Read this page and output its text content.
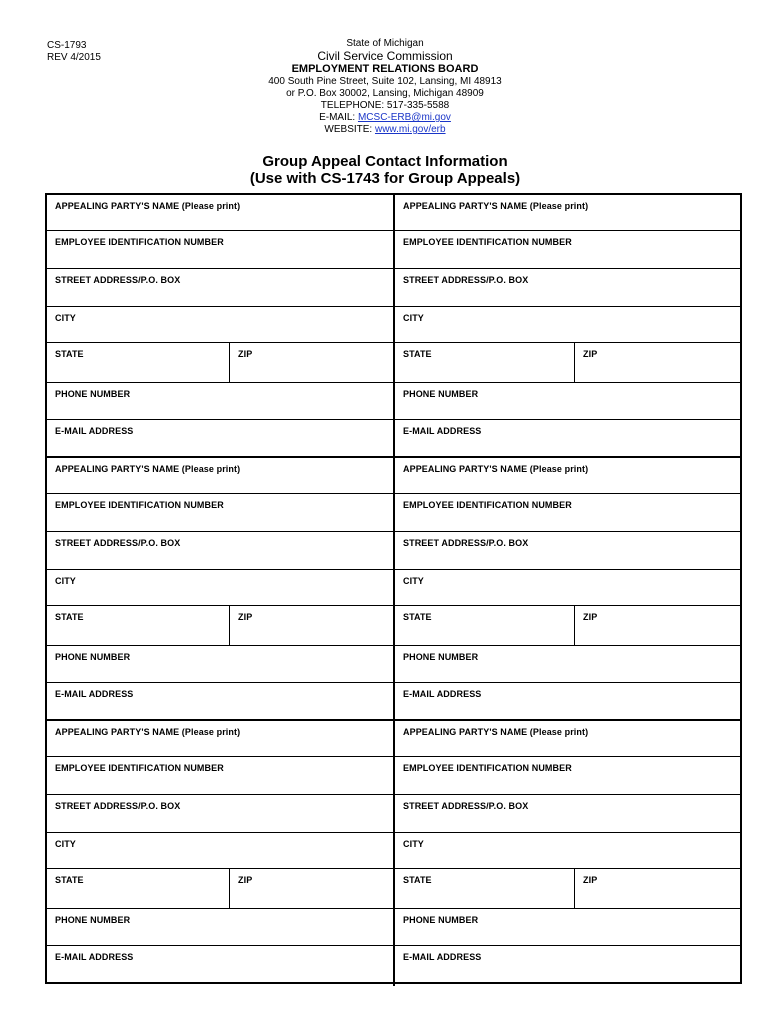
CS-1793
REV 4/2015
State of Michigan
Civil Service Commission
EMPLOYMENT RELATIONS BOARD
400 South Pine Street, Suite 102, Lansing, MI 48913
or P.O. Box 30002, Lansing, Michigan 48909
TELEPHONE: 517-335-5588
E-MAIL: MCSC-ERB@mi.gov
WEBSITE: www.mi.gov/erb
Group Appeal Contact Information
(Use with CS-1743 for Group Appeals)
APPEALING PARTY'S NAME (Please print)	APPEALING PARTY'S NAME (Please print)
EMPLOYEE IDENTIFICATION NUMBER	EMPLOYEE IDENTIFICATION NUMBER
STREET ADDRESS/P.O. BOX	STREET ADDRESS/P.O. BOX
CITY	CITY
STATE	ZIP	STATE	ZIP
PHONE NUMBER	PHONE NUMBER
E-MAIL ADDRESS	E-MAIL ADDRESS
APPEALING PARTY'S NAME (Please print)	APPEALING PARTY'S NAME (Please print)
EMPLOYEE IDENTIFICATION NUMBER	EMPLOYEE IDENTIFICATION NUMBER
STREET ADDRESS/P.O. BOX	STREET ADDRESS/P.O. BOX
CITY	CITY
STATE	ZIP	STATE	ZIP
PHONE NUMBER	PHONE NUMBER
E-MAIL ADDRESS	E-MAIL ADDRESS
APPEALING PARTY'S NAME (Please print)	APPEALING PARTY'S NAME (Please print)
EMPLOYEE IDENTIFICATION NUMBER	EMPLOYEE IDENTIFICATION NUMBER
STREET ADDRESS/P.O. BOX	STREET ADDRESS/P.O. BOX
CITY	CITY
STATE	ZIP	STATE	ZIP
PHONE NUMBER	PHONE NUMBER
E-MAIL ADDRESS	E-MAIL ADDRESS
